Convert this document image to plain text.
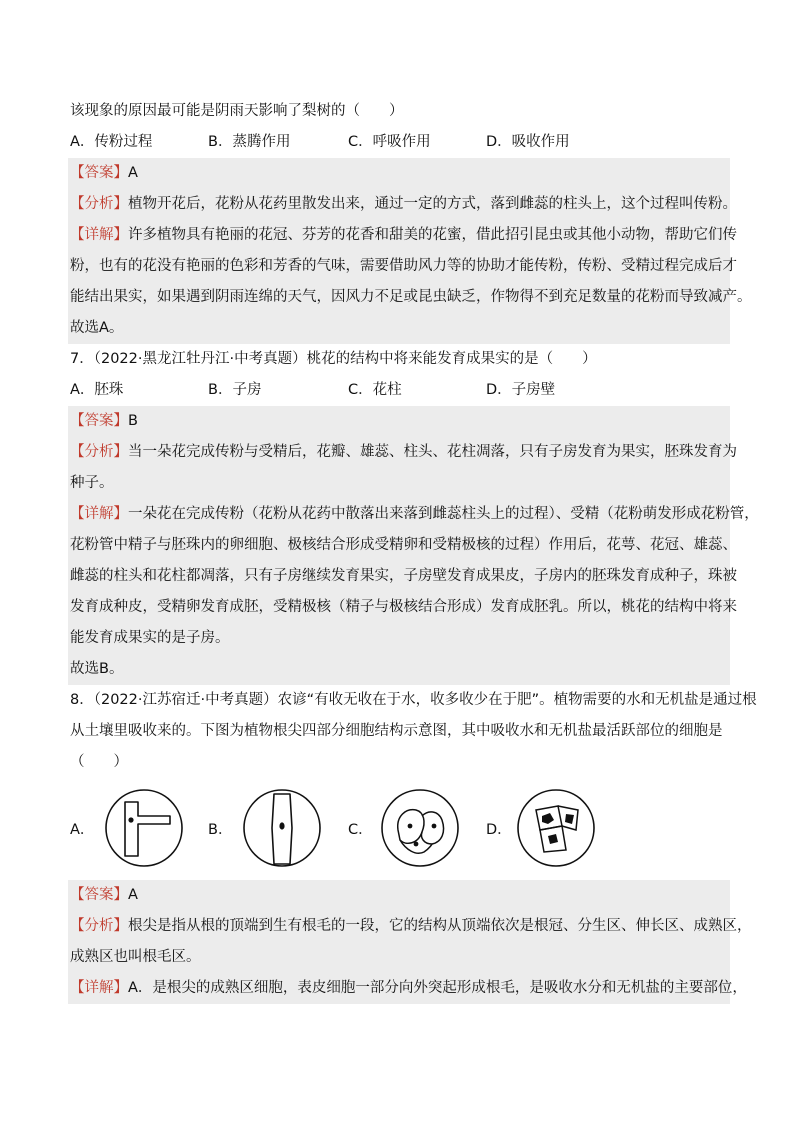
该现象的原因最可能是阴雨天影响了梨树的（　　）
A．传粉过程	B．蒸腾作用	C．呼吸作用	D．吸收作用
【答案】A
【分析】植物开花后，花粉从花药里散发出来，通过一定的方式，落到雌蕊的柱头上，这个过程叫传粉。
【详解】许多植物具有艳丽的花冠、芬芳的花香和甜美的花蜜，借此招引昆虫或其他小动物，帮助它们传
粉，也有的花没有艳丽的色彩和芳香的气味，需要借助风力等的协助才能传粉，传粉、受精过程完成后才
能结出果实，如果遇到阴雨连绵的天气，因风力不足或昆虫缺乏，作物得不到充足数量的花粉而导致减产。
故选A。
7．（2022·黑龙江牡丹江·中考真题）桃花的结构中将来能发育成果实的是（　　）
A．胚珠	B．子房	C．花柱	D．子房壁
【答案】B
【分析】当一朵花完成传粉与受精后，花瓣、雄蕊、柱头、花柱凋落，只有子房发育为果实，胚珠发育为
种子。
【详解】一朵花在完成传粉（花粉从花药中散落出来落到雌蕊柱头上的过程）、受精（花粉萌发形成花粉管，
花粉管中精子与胚珠内的卵细胞、极核结合形成受精卵和受精极核的过程）作用后，花萼、花冠、雄蕊、
雌蕊的柱头和花柱都凋落，只有子房继续发育果实，子房壁发育成果皮，子房内的胚珠发育成种子，珠被
发育成种皮，受精卵发育成胚，受精极核（精子与极核结合形成）发育成胚乳。所以，桃花的结构中将来
能发育成果实的是子房。
故选B。
8．（2022·江苏宿迁·中考真题）农谚“有收无收在于水，收多收少在于肥”。植物需要的水和无机盐是通过根
从土壤里吸收来的。下图为植物根尖四部分细胞结构示意图，其中吸收水和无机盐最活跃部位的细胞是
（　　）
A．	B．	C．	D．
【答案】A
【分析】根尖是指从根的顶端到生有根毛的一段，它的结构从顶端依次是根冠、分生区、伸长区、成熟区，
成熟区也叫根毛区。
【详解】A．是根尖的成熟区细胞，表皮细胞一部分向外突起形成根毛，是吸收水分和无机盐的主要部位，
